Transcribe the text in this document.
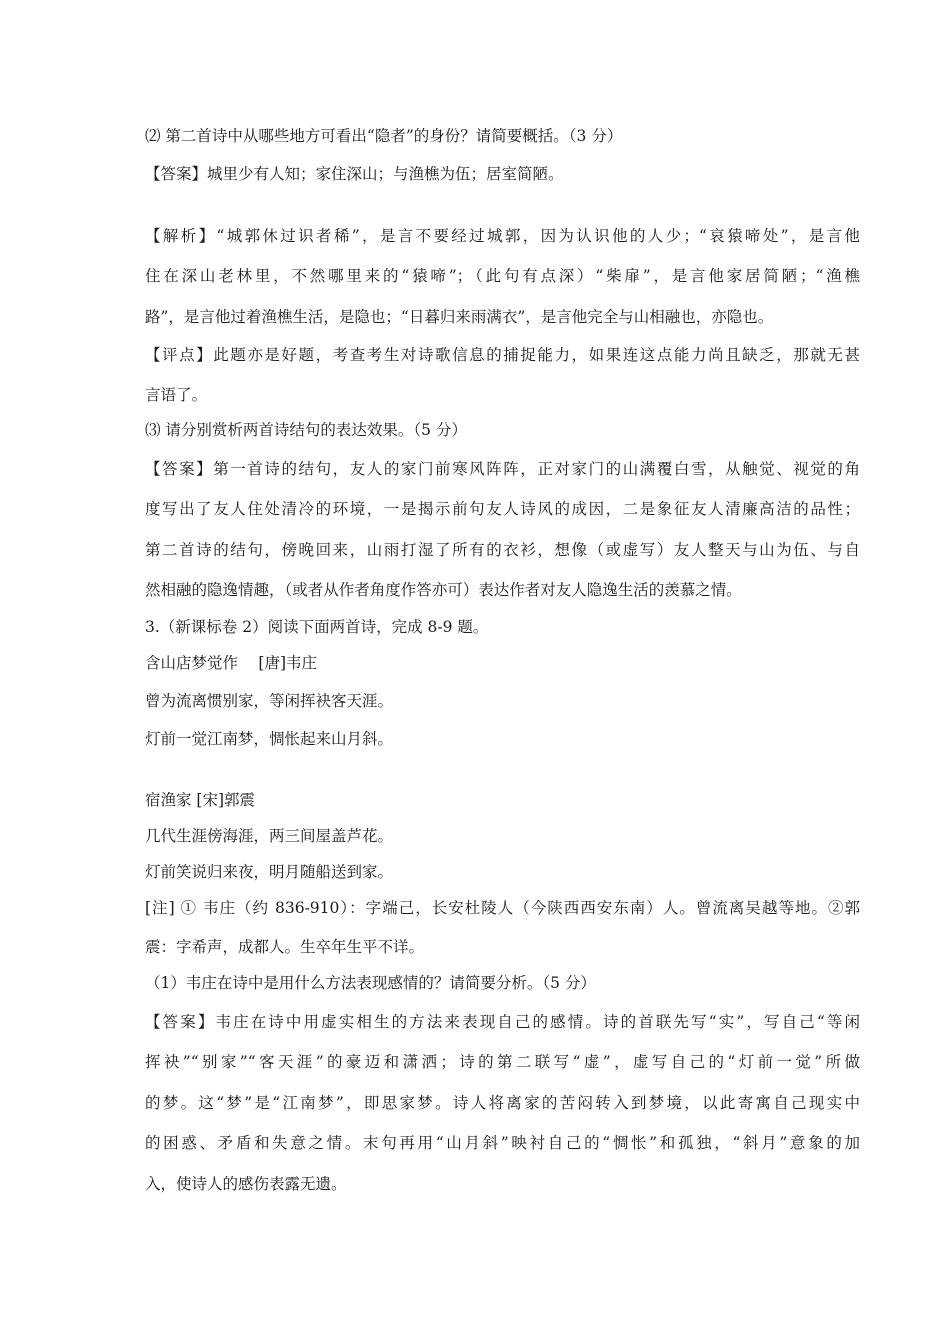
⑵ 第二首诗中从哪些地方可看出“隐者”的身份？请简要概括。（3 分）
【答案】城里少有人知；家住深山；与渔樵为伍；居室简陋。
【解析】“城郭休过识者稀”，是言不要经过城郭，因为认识他的人少；“哀猿啼处”，是言他
住在深山老林里，不然哪里来的“猿啼”；（此句有点深）“柴扉”，是言他家居简陋；“渔樵
路”，是言他过着渔樵生活，是隐也；“日暮归来雨满衣”，是言他完全与山相融也，亦隐也。
【评点】此题亦是好题，考查考生对诗歌信息的捕捉能力，如果连这点能力尚且缺乏，那就无甚
言语了。
⑶ 请分别赏析两首诗结句的表达效果。（5 分）
【答案】第一首诗的结句，友人的家门前寒风阵阵，正对家门的山满覆白雪，从触觉、视觉的角
度写出了友人住处清冷的环境，一是揭示前句友人诗风的成因，二是象征友人清廉高洁的品性；
第二首诗的结句，傍晚回来，山雨打湿了所有的衣衫，想像（或虚写）友人整天与山为伍、与自
然相融的隐逸情趣，（或者从作者角度作答亦可）表达作者对友人隐逸生活的羡慕之情。
3.（新课标卷 2）阅读下面两首诗，完成 8-9 题。
含山店梦觉作　 [唐]韦庄
曾为流离惯别家，等闲挥袂客天涯。
灯前一觉江南梦，惆怅起来山月斜。
宿渔家 [宋]郭震
几代生涯傍海涯，两三间屋盖芦花。
灯前笑说归来夜，明月随船送到家。
[注] ① 韦庄（约 836-910）：字端己，长安杜陵人（今陕西西安东南）人。曾流离吴越等地。②郭
震：字希声，成都人。生卒年生平不详。
（1）韦庄在诗中是用什么方法表现感情的？请简要分析。（5 分）
【答案】韦庄在诗中用虚实相生的方法来表现自己的感情。诗的首联先写“实”，写自己“等闲
挥袂”“别家”“客天涯”的豪迈和潇洒；诗的第二联写“虚”，虚写自己的“灯前一觉”所做
的梦。这“梦”是“江南梦”，即思家梦。诗人将离家的苦闷转入到梦境，以此寄寓自己现实中
的困惑、矛盾和失意之情。末句再用“山月斜”映衬自己的“惆怅”和孤独，“斜月”意象的加
入，使诗人的感伤表露无遗。
